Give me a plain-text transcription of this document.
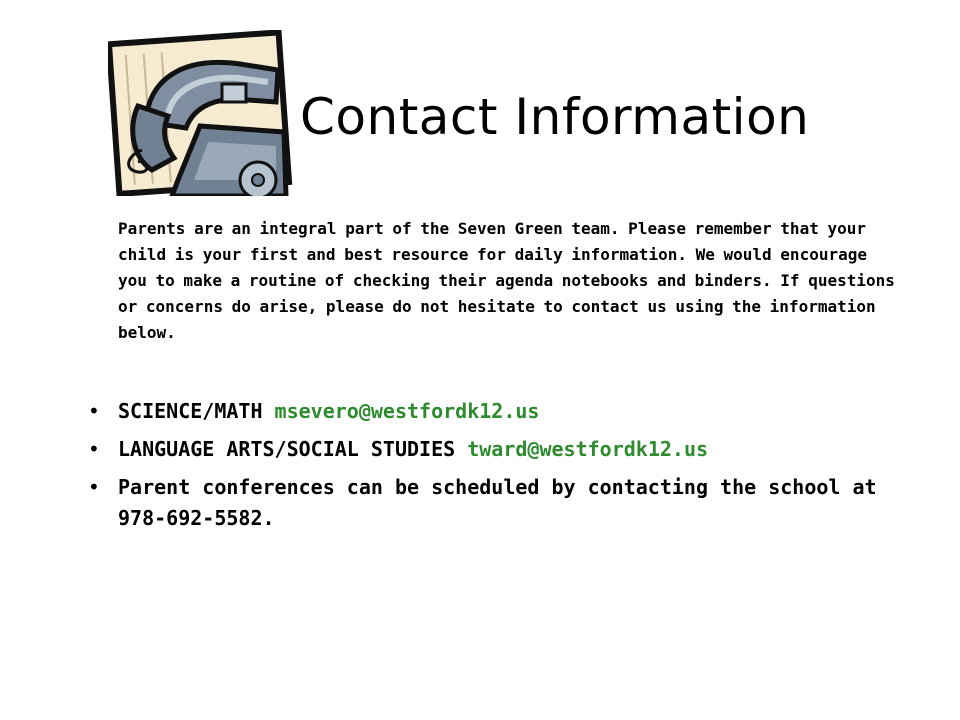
Contact Information

Parents are an integral part of the Seven Green team. Please remember that your child is your first and best resource for daily information. We would encourage you to make a routine of checking their agenda notebooks and binders. If questions or concerns do arise, please do not hesitate to contact us using the information below.

• SCIENCE/MATH msevero@westfordk12.us
• LANGUAGE ARTS/SOCIAL STUDIES tward@westfordk12.us
• Parent conferences can be scheduled by contacting the school at 978-692-5582.
